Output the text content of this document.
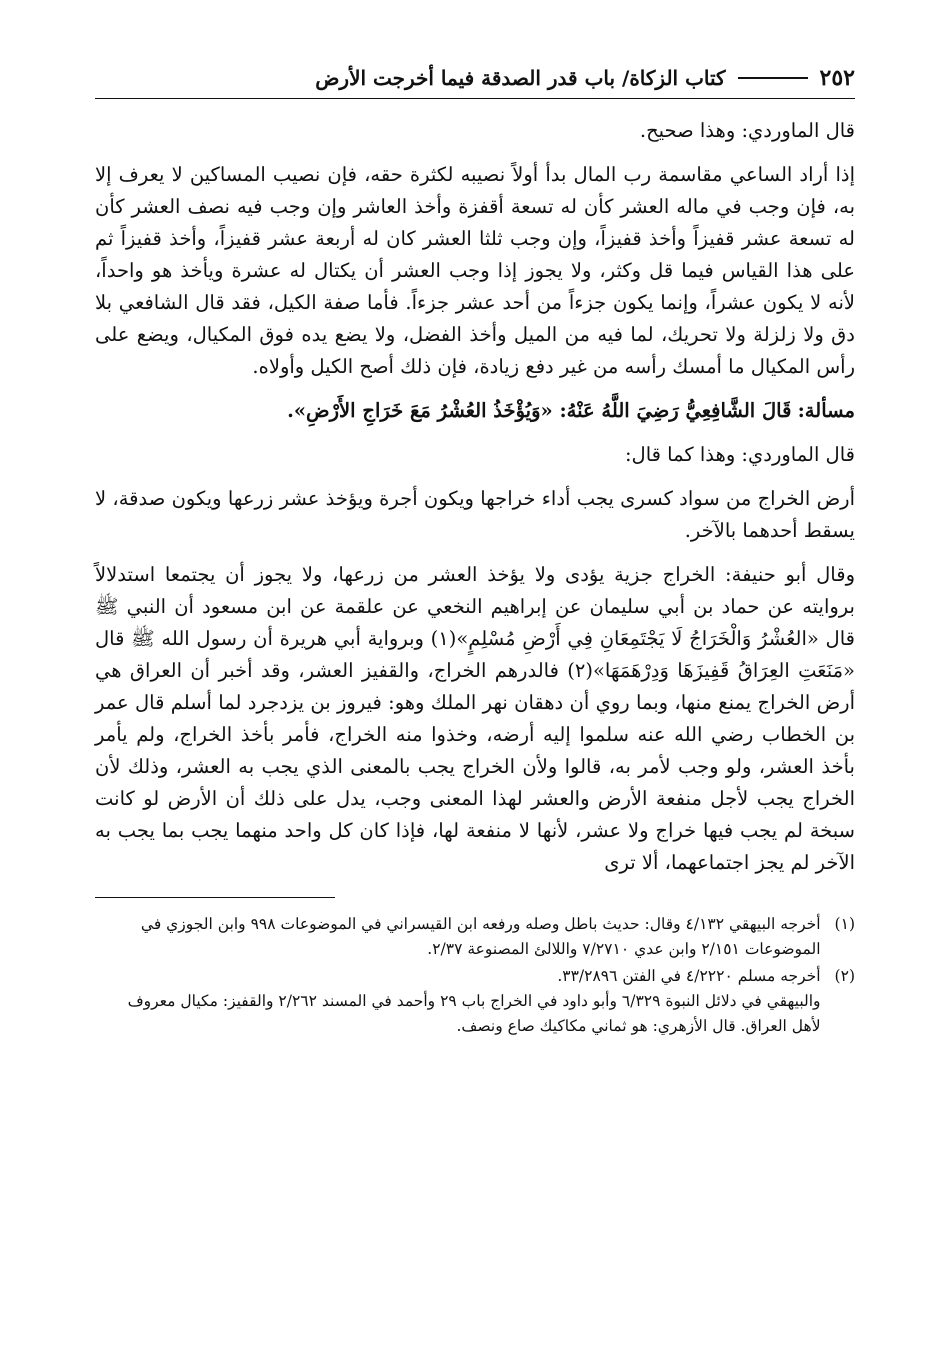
٢٥٢
كتاب الزكاة/ باب قدر الصدقة فيما أخرجت الأرض

قال الماوردي: وهذا صحيح.

إذا أراد الساعي مقاسمة رب المال بدأ أولاً نصيبه لكثرة حقه، فإن نصيب المساكين لا يعرف إلا به، فإن وجب في ماله العشر كأن له تسعة أقفزة وأخذ العاشر وإن وجب فيه نصف العشر كأن له تسعة عشر قفيزاً وأخذ قفيزاً، وإن وجب ثلثا العشر كان له أربعة عشر قفيزاً، وأخذ قفيزاً ثم على هذا القياس فيما قل وكثر، ولا يجوز إذا وجب العشر أن يكتال له عشرة ويأخذ هو واحداً، لأنه لا يكون عشراً، وإنما يكون جزءاً من أحد عشر جزءاً. فأما صفة الكيل، فقد قال الشافعي بلا دق ولا زلزلة ولا تحريك، لما فيه من الميل وأخذ الفضل، ولا يضع يده فوق المكيال، ويضع على رأس المكيال ما أمسك رأسه من غير دفع زيادة، فإن ذلك أصح الكيل وأولاه.

مسألة: قَالَ الشَّافِعِيُّ رَضِيَ اللَّهُ عَنْهُ: «وَيُؤْخَذُ العُشْرُ مَعَ خَرَاجِ الأَرْضِ».

قال الماوردي: وهذا كما قال:

أرض الخراج من سواد كسرى يجب أداء خراجها ويكون أجرة ويؤخذ عشر زرعها ويكون صدقة، لا يسقط أحدهما بالآخر.

وقال أبو حنيفة: الخراج جزية يؤدى ولا يؤخذ العشر من زرعها، ولا يجوز أن يجتمعا استدلالاً بروايته عن حماد بن أبي سليمان عن إبراهيم النخعي عن علقمة عن ابن مسعود أن النبي ﷺ قال «العُشْرُ وَالْخَرَاجُ لَا يَجْتَمِعَانِ فِي أَرْضِ مُسْلِمٍ»(١) وبرواية أبي هريرة أن رسول الله ﷺ قال «مَنَعَتِ العِرَاقُ قَفِيزَهَا وَدِرْهَمَهَا»(٢) فالدرهم الخراج، والقفيز العشر، وقد أخبر أن العراق هي أرض الخراج يمنع منها، وبما روي أن دهقان نهر الملك وهو: فيروز بن يزدجرد لما أسلم قال عمر بن الخطاب رضي الله عنه سلموا إليه أرضه، وخذوا منه الخراج، فأمر بأخذ الخراج، ولم يأمر بأخذ العشر، ولو وجب لأمر به، قالوا ولأن الخراج يجب بالمعنى الذي يجب به العشر، وذلك لأن الخراج يجب لأجل منفعة الأرض والعشر لهذا المعنى وجب، يدل على ذلك أن الأرض لو كانت سبخة لم يجب فيها خراج ولا عشر، لأنها لا منفعة لها، فإذا كان كل واحد منهما يجب بما يجب به الآخر لم يجز اجتماعهما، ألا ترى

(١)
أخرجه البيهقي ٤/١٣٢ وقال: حديث باطل وصله ورفعه ابن القيسراني في الموضوعات ٩٩٨ وابن الجوزي في الموضوعات ٢/١٥١ وابن عدي ٧/٢٧١٠ واللالئ المصنوعة ٢/٣٧.
(٢)

أخرجه مسلم ٤/٢٢٢٠ في الفتن ٣٣/٢٨٩٦.

والبيهقي في دلائل النبوة ٦/٣٢٩ وأبو داود في الخراج باب ٢٩ وأحمد في المسند ٢/٢٦٢ والقفيز: مكيال معروف لأهل العراق. قال الأزهري: هو ثماني مكاكيك صاع ونصف.
